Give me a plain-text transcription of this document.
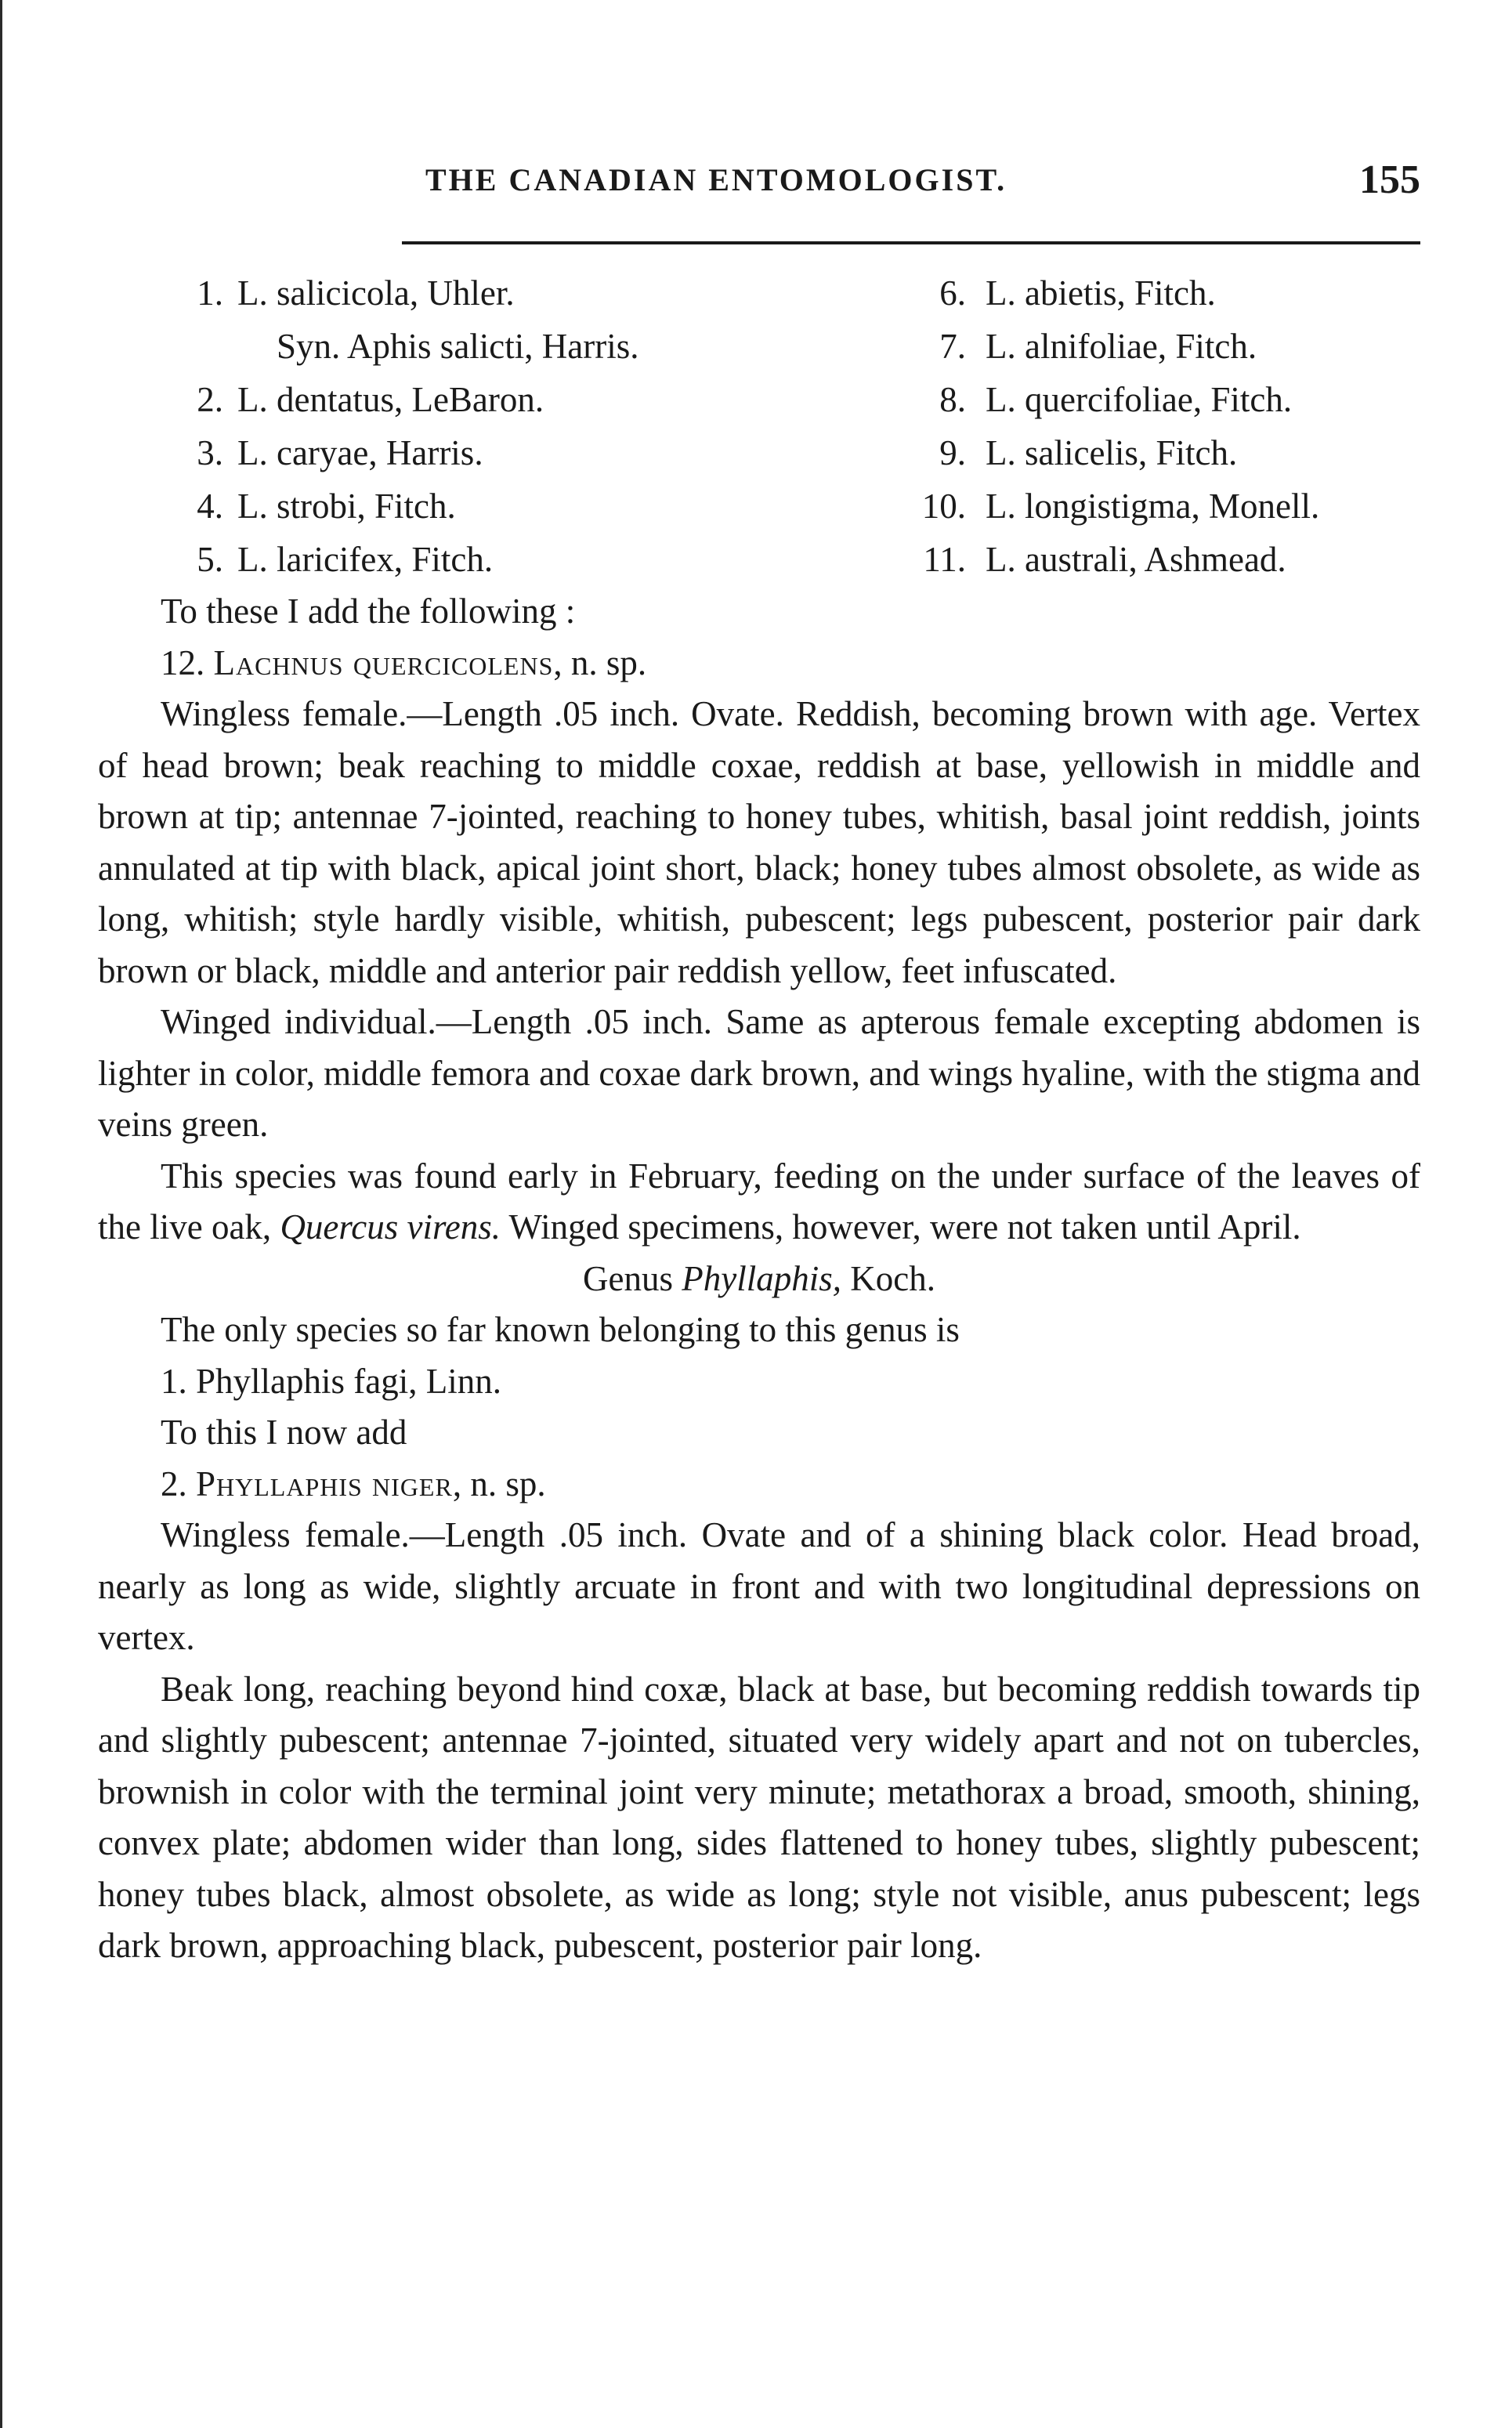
THE CANADIAN ENTOMOLOGIST.	155
1. L. salicicola, Uhler.	6. L. abietis, Fitch.
Syn. Aphis salicti, Harris.	7. L. alnifoliae, Fitch.
2. L. dentatus, LeBaron.	8. L. quercifoliae, Fitch.
3. L. caryae, Harris.	9. L. salicelis, Fitch.
4. L. strobi, Fitch.	10. L. longistigma, Monell.
5. L. laricifex, Fitch.	11. L. australi, Ashmead.

To these I add the following :

12. Lachnus quercicolens, n. sp.

Wingless female.—Length .05 inch. Ovate. Reddish, becoming brown with age. Vertex of head brown; beak reaching to middle coxae, reddish at base, yellowish in middle and brown at tip; antennae 7-jointed, reaching to honey tubes, whitish, basal joint reddish, joints annulated at tip with black, apical joint short, black; honey tubes almost obsolete, as wide as long, whitish; style hardly visible, whitish, pubescent; legs pubescent, posterior pair dark brown or black, middle and anterior pair reddish yellow, feet infuscated.

Winged individual.—Length .05 inch. Same as apterous female excepting abdomen is lighter in color, middle femora and coxae dark brown, and wings hyaline, with the stigma and veins green.

This species was found early in February, feeding on the under surface of the leaves of the live oak, Quercus virens. Winged specimens, however, were not taken until April.

Genus Phyllaphis, Koch.

The only species so far known belonging to this genus is

1. Phyllaphis fagi, Linn.

To this I now add

2. Phyllaphis niger, n. sp.

Wingless female.—Length .05 inch. Ovate and of a shining black color. Head broad, nearly as long as wide, slightly arcuate in front and with two longitudinal depressions on vertex.

Beak long, reaching beyond hind coxæ, black at base, but becoming reddish towards tip and slightly pubescent; antennae 7-jointed, situated very widely apart and not on tubercles, brownish in color with the terminal joint very minute; metathorax a broad, smooth, shining, convex plate; abdomen wider than long, sides flattened to honey tubes, slightly pubescent; honey tubes black, almost obsolete, as wide as long; style not visible, anus pubescent; legs dark brown, approaching black, pubescent, posterior pair long.
